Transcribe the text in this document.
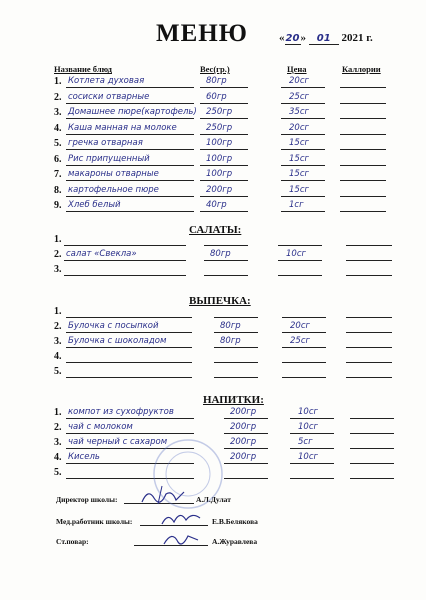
МЕНЮ	«20» 01 2021 г.
Название блюд	Вес(гр.)	Цена	Каллории
1. Котлета духовая	80гр	20сг
2. сосиски отварные	60гр	25сг
3. Домашнее пюре(картофель) 250гр	35сг
4. Каша манная на молоке	250гр	20сг
5. гречка отварная	100гр	15сг
6. Рис припущенный	100гр	15сг
7. макароны отварные	100гр	15сг
8. картофельное пюре	200гр	15сг
9. Хлеб белый	40гр	1сг
САЛАТЫ:
1.
2. салат «Свекла»	80гр	10сг
3.
ВЫПЕЧКА:
1.
2. Булочка с посыпкой	80гр	20сг
3. Булочка с шоколадом	80гр	25сг
4.
5.
НАПИТКИ:
1. компот из сухофруктов	200гр	10сг
2. чай с молоком	200гр	10сг
3. чай черный с сахаром	200гр	5сг
4. Кисель	200гр	10сг
5.
Директор школы:	А.Л.Дулат
Мед.работник школы:	Е.В.Белякова
Ст.повар:	А.Журавлева
